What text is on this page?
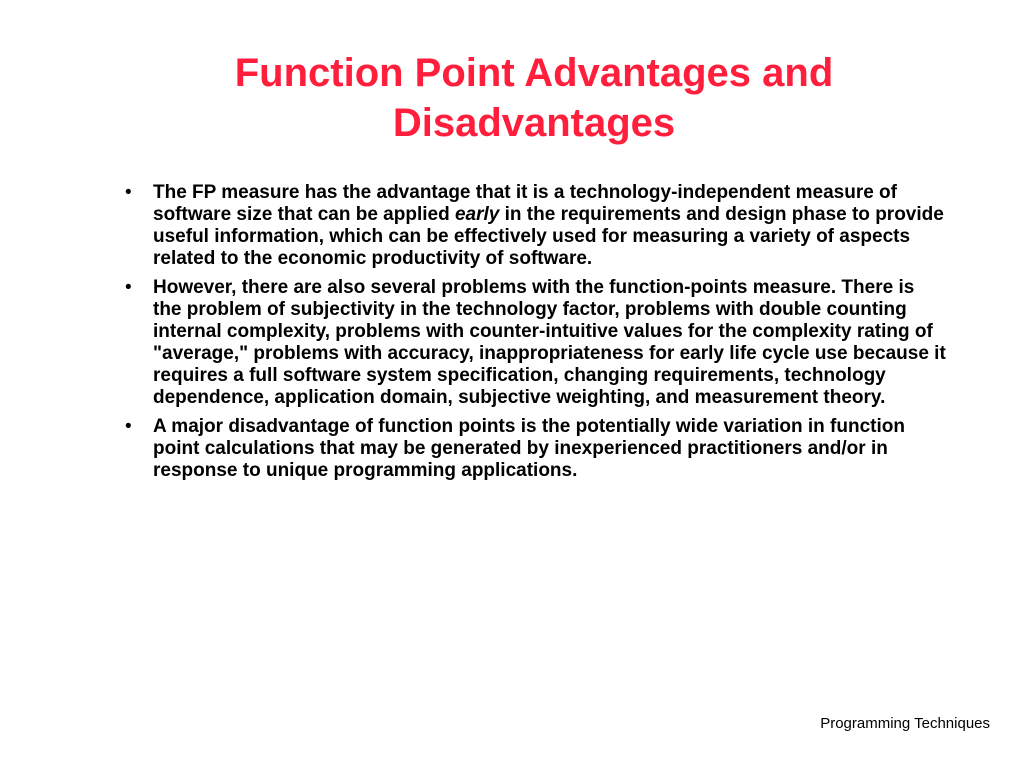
Function Point Advantages and
Disadvantages
• The FP measure has the advantage that it is a technology-independent measure of software size that can be applied early in the requirements and design phase to provide useful information, which can be effectively used for measuring a variety of aspects related to the economic productivity of software.
• However, there are also several problems with the function-points measure. There is the problem of subjectivity in the technology factor, problems with double counting internal complexity, problems with counter-intuitive values for the complexity rating of "average," problems with accuracy, inappropriateness for early life cycle use because it requires a full software system specification, changing requirements, technology dependence, application domain, subjective weighting, and measurement theory.
• A major disadvantage of function points is the potentially wide variation in function point calculations that may be generated by inexperienced practitioners and/or in response to unique programming applications.
Programming Techniques
